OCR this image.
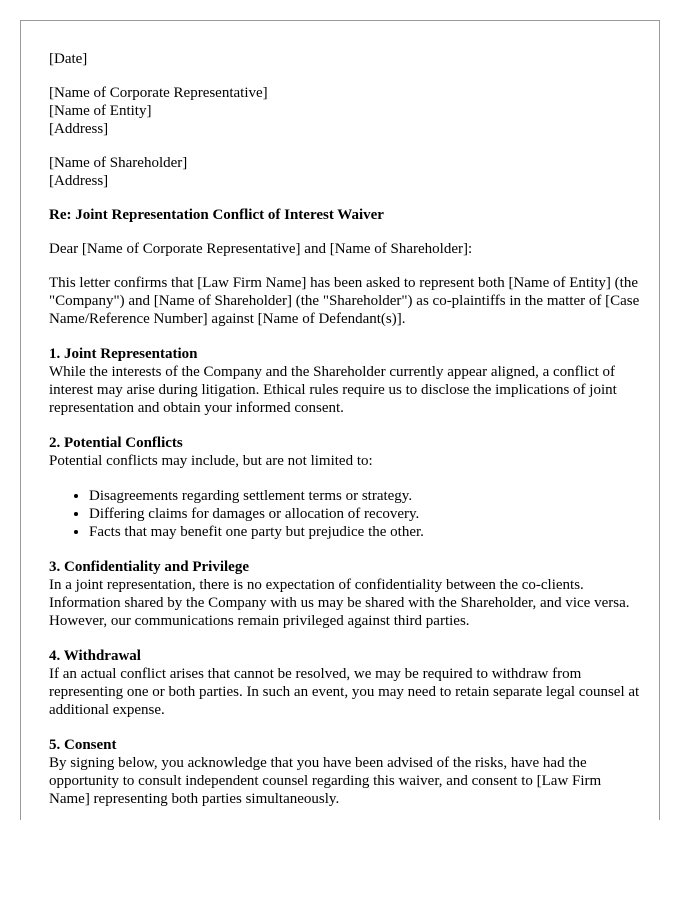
[Date]

[Name of Corporate Representative]

[Name of Entity]

[Address]

[Name of Shareholder]

[Address]

Re: Joint Representation Conflict of Interest Waiver

Dear [Name of Corporate Representative] and [Name of Shareholder]:

This letter confirms that [Law Firm Name] has been asked to represent both [Name of Entity] (the "Company") and [Name of Shareholder] (the "Shareholder") as co-plaintiffs in the matter of [Case Name/Reference Number] against [Name of Defendant(s)].

1. Joint Representation

While the interests of the Company and the Shareholder currently appear aligned, a conflict of interest may arise during litigation. Ethical rules require us to disclose the implications of joint representation and obtain your informed consent.

2. Potential Conflicts

Potential conflicts may include, but are not limited to:

• Disagreements regarding settlement terms or strategy.
• Differing claims for damages or allocation of recovery.
• Facts that may benefit one party but prejudice the other.

3. Confidentiality and Privilege

In a joint representation, there is no expectation of confidentiality between the co-clients. Information shared by the Company with us may be shared with the Shareholder, and vice versa. However, our communications remain privileged against third parties.

4. Withdrawal

If an actual conflict arises that cannot be resolved, we may be required to withdraw from representing one or both parties. In such an event, you may need to retain separate legal counsel at additional expense.

5. Consent

By signing below, you acknowledge that you have been advised of the risks, have had the opportunity to consult independent counsel regarding this waiver, and consent to [Law Firm Name] representing both parties simultaneously.
